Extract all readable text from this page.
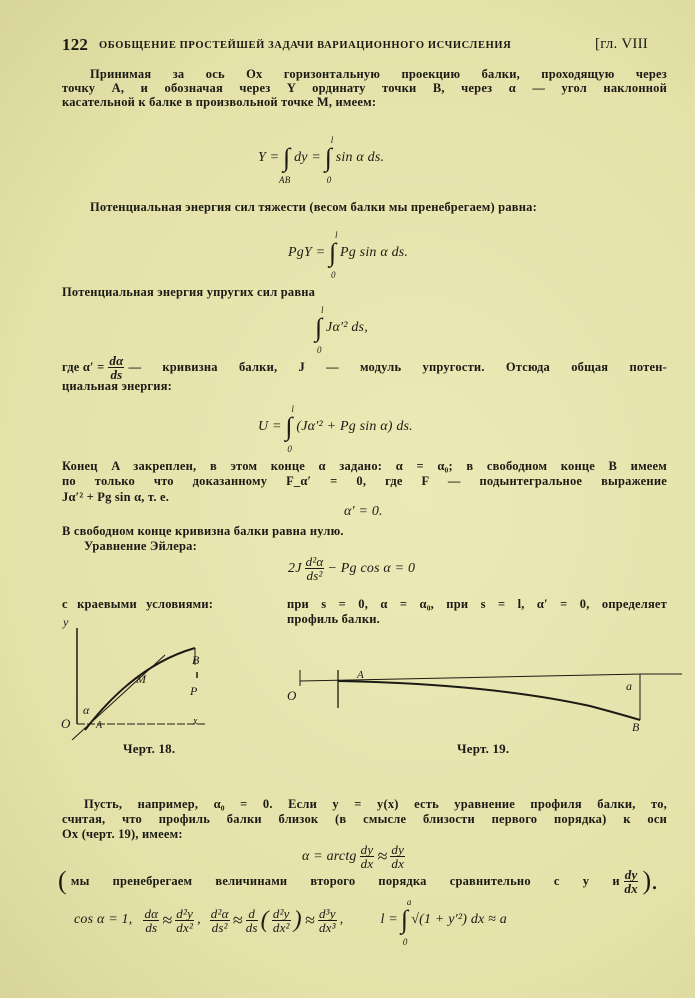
122 ОБОБЩЕНИЕ ПРОСТЕЙШЕЙ ЗАДАЧИ ВАРИАЦИОННОГО ИСЧИСЛЕНИЯ	[гл. VIII
Принимая за ось Ox горизонтальную проекцию балки, проходящую через
точку A, и обозначая через Y ординату точки B, через α — угол наклонной
касательной к балке в произвольной точке M, имеем:
Y = ∫
AB
dy = ∫
0
l
sin α ds.
Потенциальная энергия сил тяжести (весом балки мы пренебрегаем) равна:
PgY = ∫
0
l
Pg sin α ds.
Потенциальная энергия упругих сил равна
∫
0
l
Jα′² ds,
где $\alpha' = \frac{d\alpha}{ds}$ — кривизна балки, J — модуль упругости. Отсюда общая потен-
циальная энергия:
U = ∫
0
l
(Jα′² + Pg sin α) ds.
Конец A закреплен, в этом конце α задано: α = α₀; в свободном конце B имеем
по только что доказанному F_α′ = 0, где F — подынтегральное выражение
Jα′² + Pg sin α, т. е.
α′ = 0.
В свободном конце кривизна балки равна нулю.
Уравнение Эйлера:
$2J \frac{\text{d²α}}{\text{ds²}} - Pg$ cos α = 0
с краевыми условиями:	при s = 0, α = α₀, при s = l, α′ = 0, определяет
профиль балки.
y
O
α
A
M
B
P
x
Черт. 18.
A
O
a
B
Черт. 19.
Пусть, например, α₀ = 0. Если y = y(x) есть уравнение профиля балки, то,
считая, что профиль балки близок (в смысле близости первого порядка) к оси
Ox (черт. 19), имеем:
α = arctg $\frac{dy}{dx} \approx \frac{dy}{dx}$
( мы пренебрегаем величинами второго порядка сравнительно с y и $\frac{dy}{dx}$ ).
cos α = 1, $\frac{d\alpha}{ds} \approx \frac{\text{d²y}}{\text{dx²}}$ , $\frac{\text{d²α}}{\text{ds²}} \approx \frac{d}{ds}$ ( $\frac{\text{d²y}}{\text{dx²}}$ ) ≈ $\frac{\text{d³y}}{\text{dx³}}$ ,	l = ∫
0
a
√(1 + y′²) dx ≈ a
